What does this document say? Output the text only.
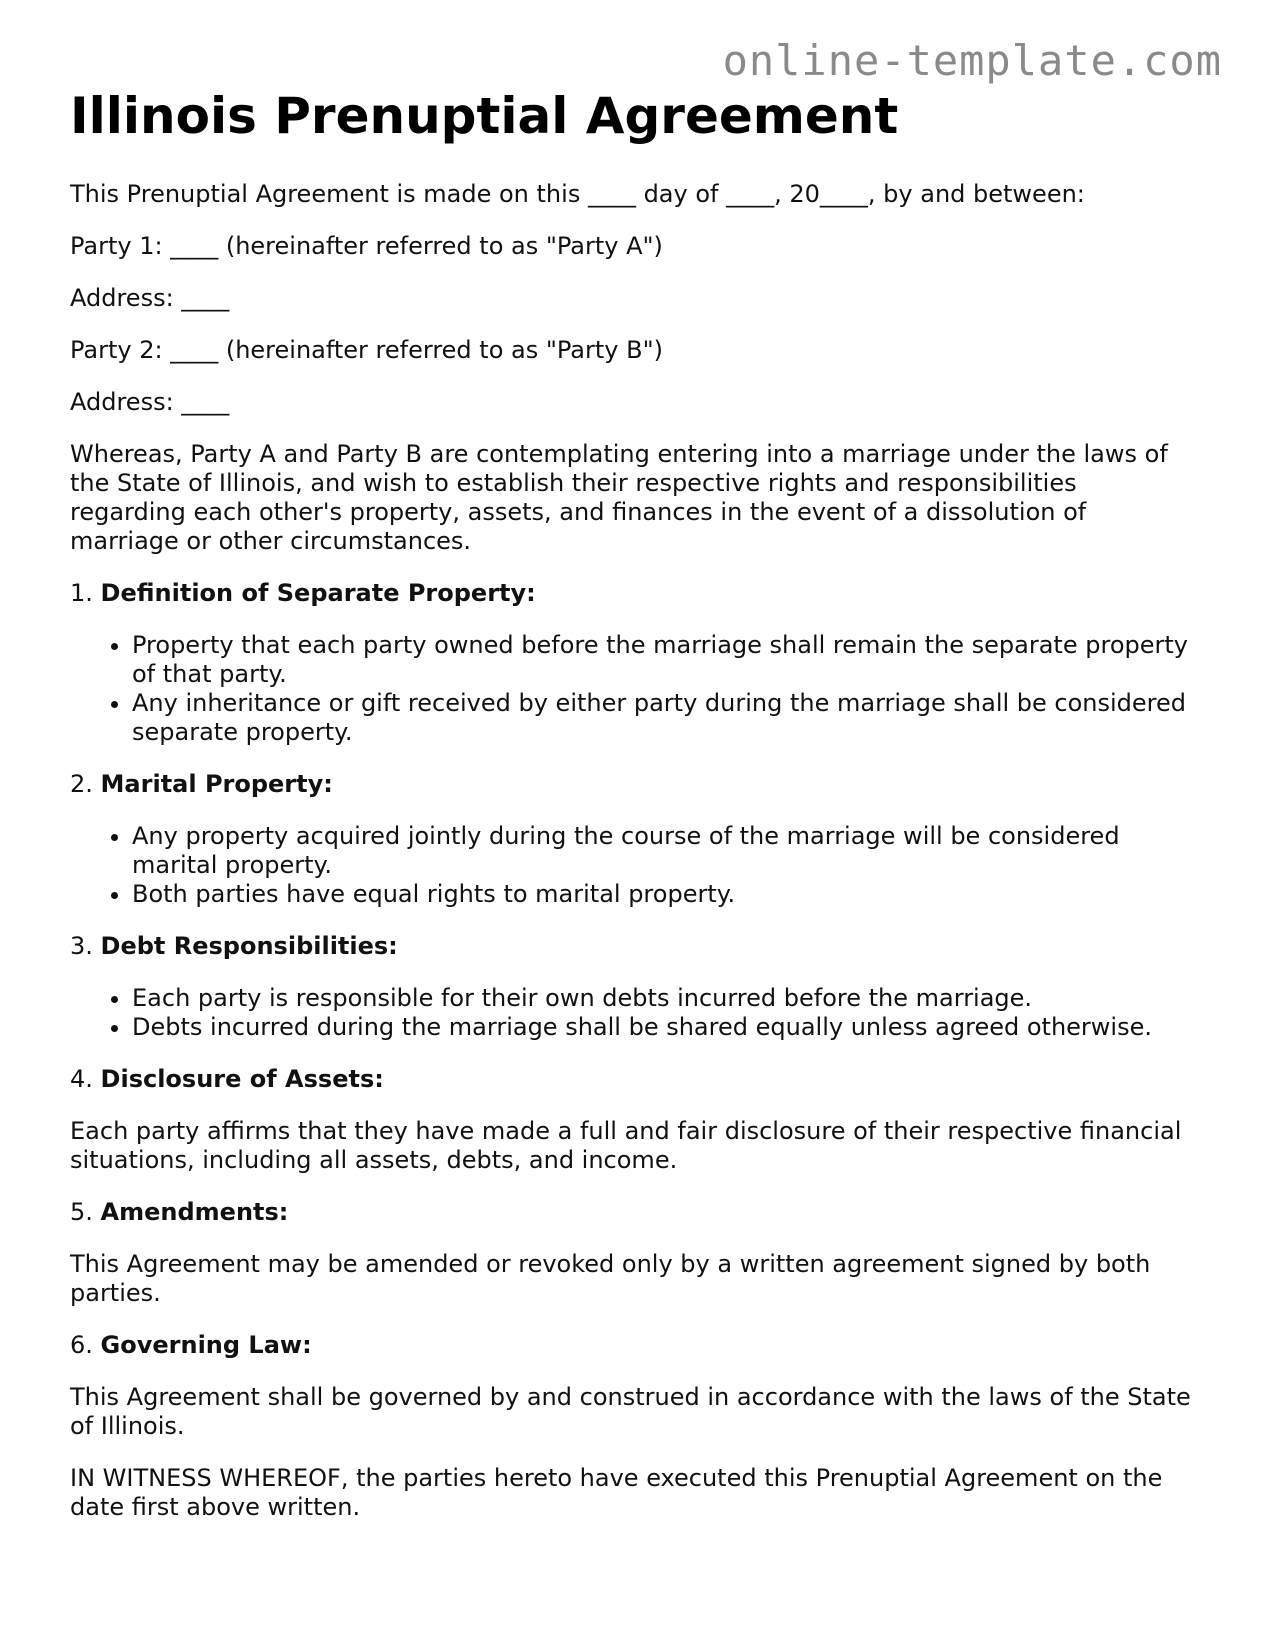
online-template.com
Illinois Prenuptial Agreement

This Prenuptial Agreement is made on this ____ day of ____, 20____, by and between:

Party 1: ____ (hereinafter referred to as "Party A")

Address: ____

Party 2: ____ (hereinafter referred to as "Party B")

Address: ____

Whereas, Party A and Party B are contemplating entering into a marriage under the laws of the State of Illinois, and wish to establish their respective rights and responsibilities regarding each other's property, assets, and finances in the event of a dissolution of marriage or other circumstances.

1. Definition of Separate Property:
• Property that each party owned before the marriage shall remain the separate property of that party.
• Any inheritance or gift received by either party during the marriage shall be considered separate property.
2. Marital Property:
• Any property acquired jointly during the course of the marriage will be considered marital property.
• Both parties have equal rights to marital property.
3. Debt Responsibilities:
• Each party is responsible for their own debts incurred before the marriage.
• Debts incurred during the marriage shall be shared equally unless agreed otherwise.
4. Disclosure of Assets:

Each party affirms that they have made a full and fair disclosure of their respective financial situations, including all assets, debts, and income.

5. Amendments:

This Agreement may be amended or revoked only by a written agreement signed by both parties.

6. Governing Law:

This Agreement shall be governed by and construed in accordance with the laws of the State of Illinois.

IN WITNESS WHEREOF, the parties hereto have executed this Prenuptial Agreement on the date first above written.
